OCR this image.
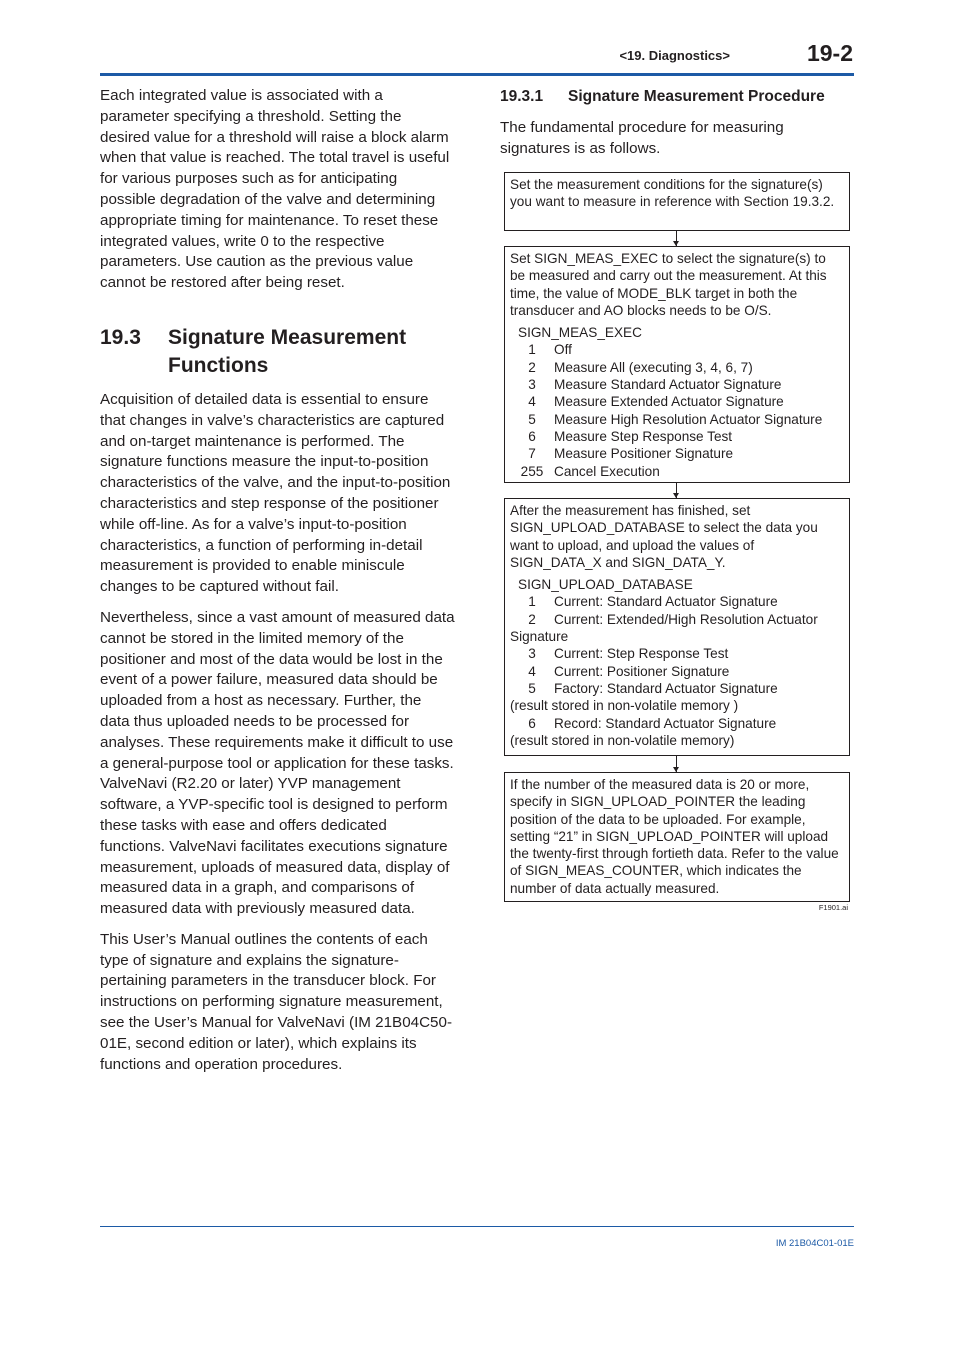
<19. Diagnostics>	19-2

Each integrated value is associated with a parameter specifying a threshold. Setting the desired value for a threshold will raise a block alarm when that value is reached. The total travel is useful for various purposes such as for anticipating possible degradation of the valve and determining appropriate timing for maintenance. To reset these integrated values, write 0 to the respective parameters. Use caution as the previous value cannot be restored after being reset.

19.3	Signature Measurement Functions

Acquisition of detailed data is essential to ensure that changes in valve’s characteristics are captured and on-target maintenance is performed. The signature functions measure the input-to-position characteristics of the valve, and the input-to-position characteristics and step response of the positioner while off-line. As for a valve’s input-to-position characteristics, a function of performing in-detail measurement is provided to enable miniscule changes to be captured without fail.

Nevertheless, since a vast amount of measured data cannot be stored in the limited memory of the positioner and most of the data would be lost in the event of a power failure, measured data should be uploaded from a host as necessary. Further, the data thus uploaded needs to be processed for analyses. These requirements make it difficult to use a general-purpose tool or application for these tasks. ValveNavi (R2.20 or later) YVP management software, a YVP-specific tool is designed to perform these tasks with ease and offers dedicated functions. ValveNavi facilitates executions signature measurement, uploads of measured data, display of measured data in a graph, and comparisons of measured data with previously measured data.

This User’s Manual outlines the contents of each type of signature and explains the signature-pertaining parameters in the transducer block. For instructions on performing signature measurement, see the User’s Manual for ValveNavi (IM 21B04C50-01E, second edition or later), which explains its functions and operation procedures.

19.3.1	Signature Measurement Procedure

The fundamental procedure for measuring signatures is as follows.

Set the measurement conditions for the signature(s) you want to measure in reference with Section 19.3.2.

Set SIGN_MEAS_EXEC to select the signature(s) to be measured and carry out the measurement. At this time, the value of MODE_BLK target in both the transducer and AO blocks needs to be O/S.

SIGN_MEAS_EXEC
1	Off
2	Measure All (executing 3, 4, 6, 7)
3	Measure Standard Actuator Signature
4	Measure Extended Actuator Signature
5	Measure High Resolution Actuator Signature
6	Measure Step Response Test
7	Measure Positioner Signature
255 Cancel Execution

After the measurement has finished, set SIGN_UPLOAD_DATABASE to select the data you want to upload, and upload the values of SIGN_DATA_X and SIGN_DATA_Y.

SIGN_UPLOAD_DATABASE
1	Current: Standard Actuator Signature
2	Current: Extended/High Resolution Actuator
Signature
3	Current: Step Response Test
4	Current: Positioner Signature
5	Factory: Standard Actuator Signature
(result stored in non-volatile memory )
6	Record: Standard Actuator Signature
(result stored in non-volatile memory)

If the number of the measured data is 20 or more, specify in SIGN_UPLOAD_POINTER the leading position of the data to be uploaded. For example, setting “21” in SIGN_UPLOAD_POINTER will upload the twenty-first through fortieth data. Refer to the value of SIGN_MEAS_COUNTER, which indicates the number of data actually measured.

F1901.ai
IM 21B04C01-01E
